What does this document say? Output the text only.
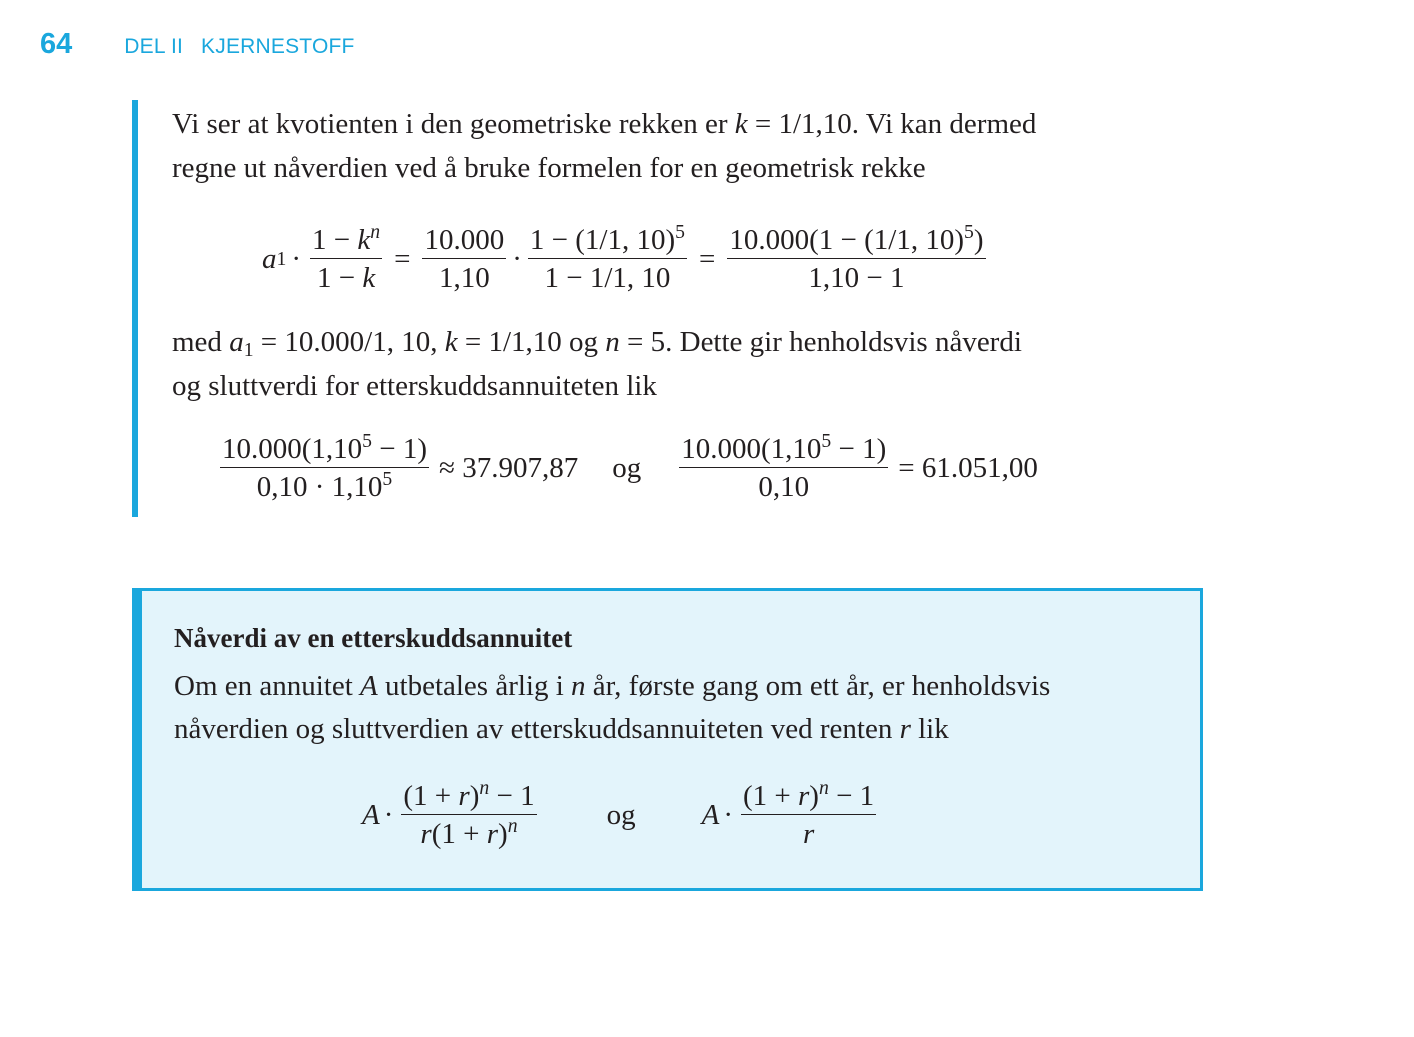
64 DEL II KJERNESTOFF

Vi ser at kvotienten i den geometriske rekken er k = 1/1,10. Vi kan dermed

regne ut nåverdien ved å bruke formelen for en geometrisk rekke

a $1 \cdot \frac{1 - k^n}{1 - k} = \frac{10.000}{1,10} \cdot \frac{1 - (1/1, 10)^5}{1 - 1/1, 10} = \frac{10.000(1 - (1/1, 10)^5)}{1,10 - 1}$

med $a_1 = 10.000/1$, 10, k = 1/1,10 og n = 5. Dette gir henholdsvis nåverdi

og sluttverdi for etterskuddsannuiteten lik

$\frac{10.000(1,10^5 - 1)}{0,10 \cdot 1,10^5} \approx 37.907,87$ og $\frac{10.000(1,10^5 - 1)}{0,10} = 61.051,00$

Nåverdi av en etterskuddsannuitet

Om en annuitet A utbetales årlig i n år, første gang om ett år, er henholdsvis

nåverdien og sluttverdien av etterskuddsannuiteten ved renten r lik

$A \cdot \frac{(1 + r)^n - 1}{r(1 + r)^n}$ og $A \cdot \frac{(1 + r)^n - 1}{r}$
